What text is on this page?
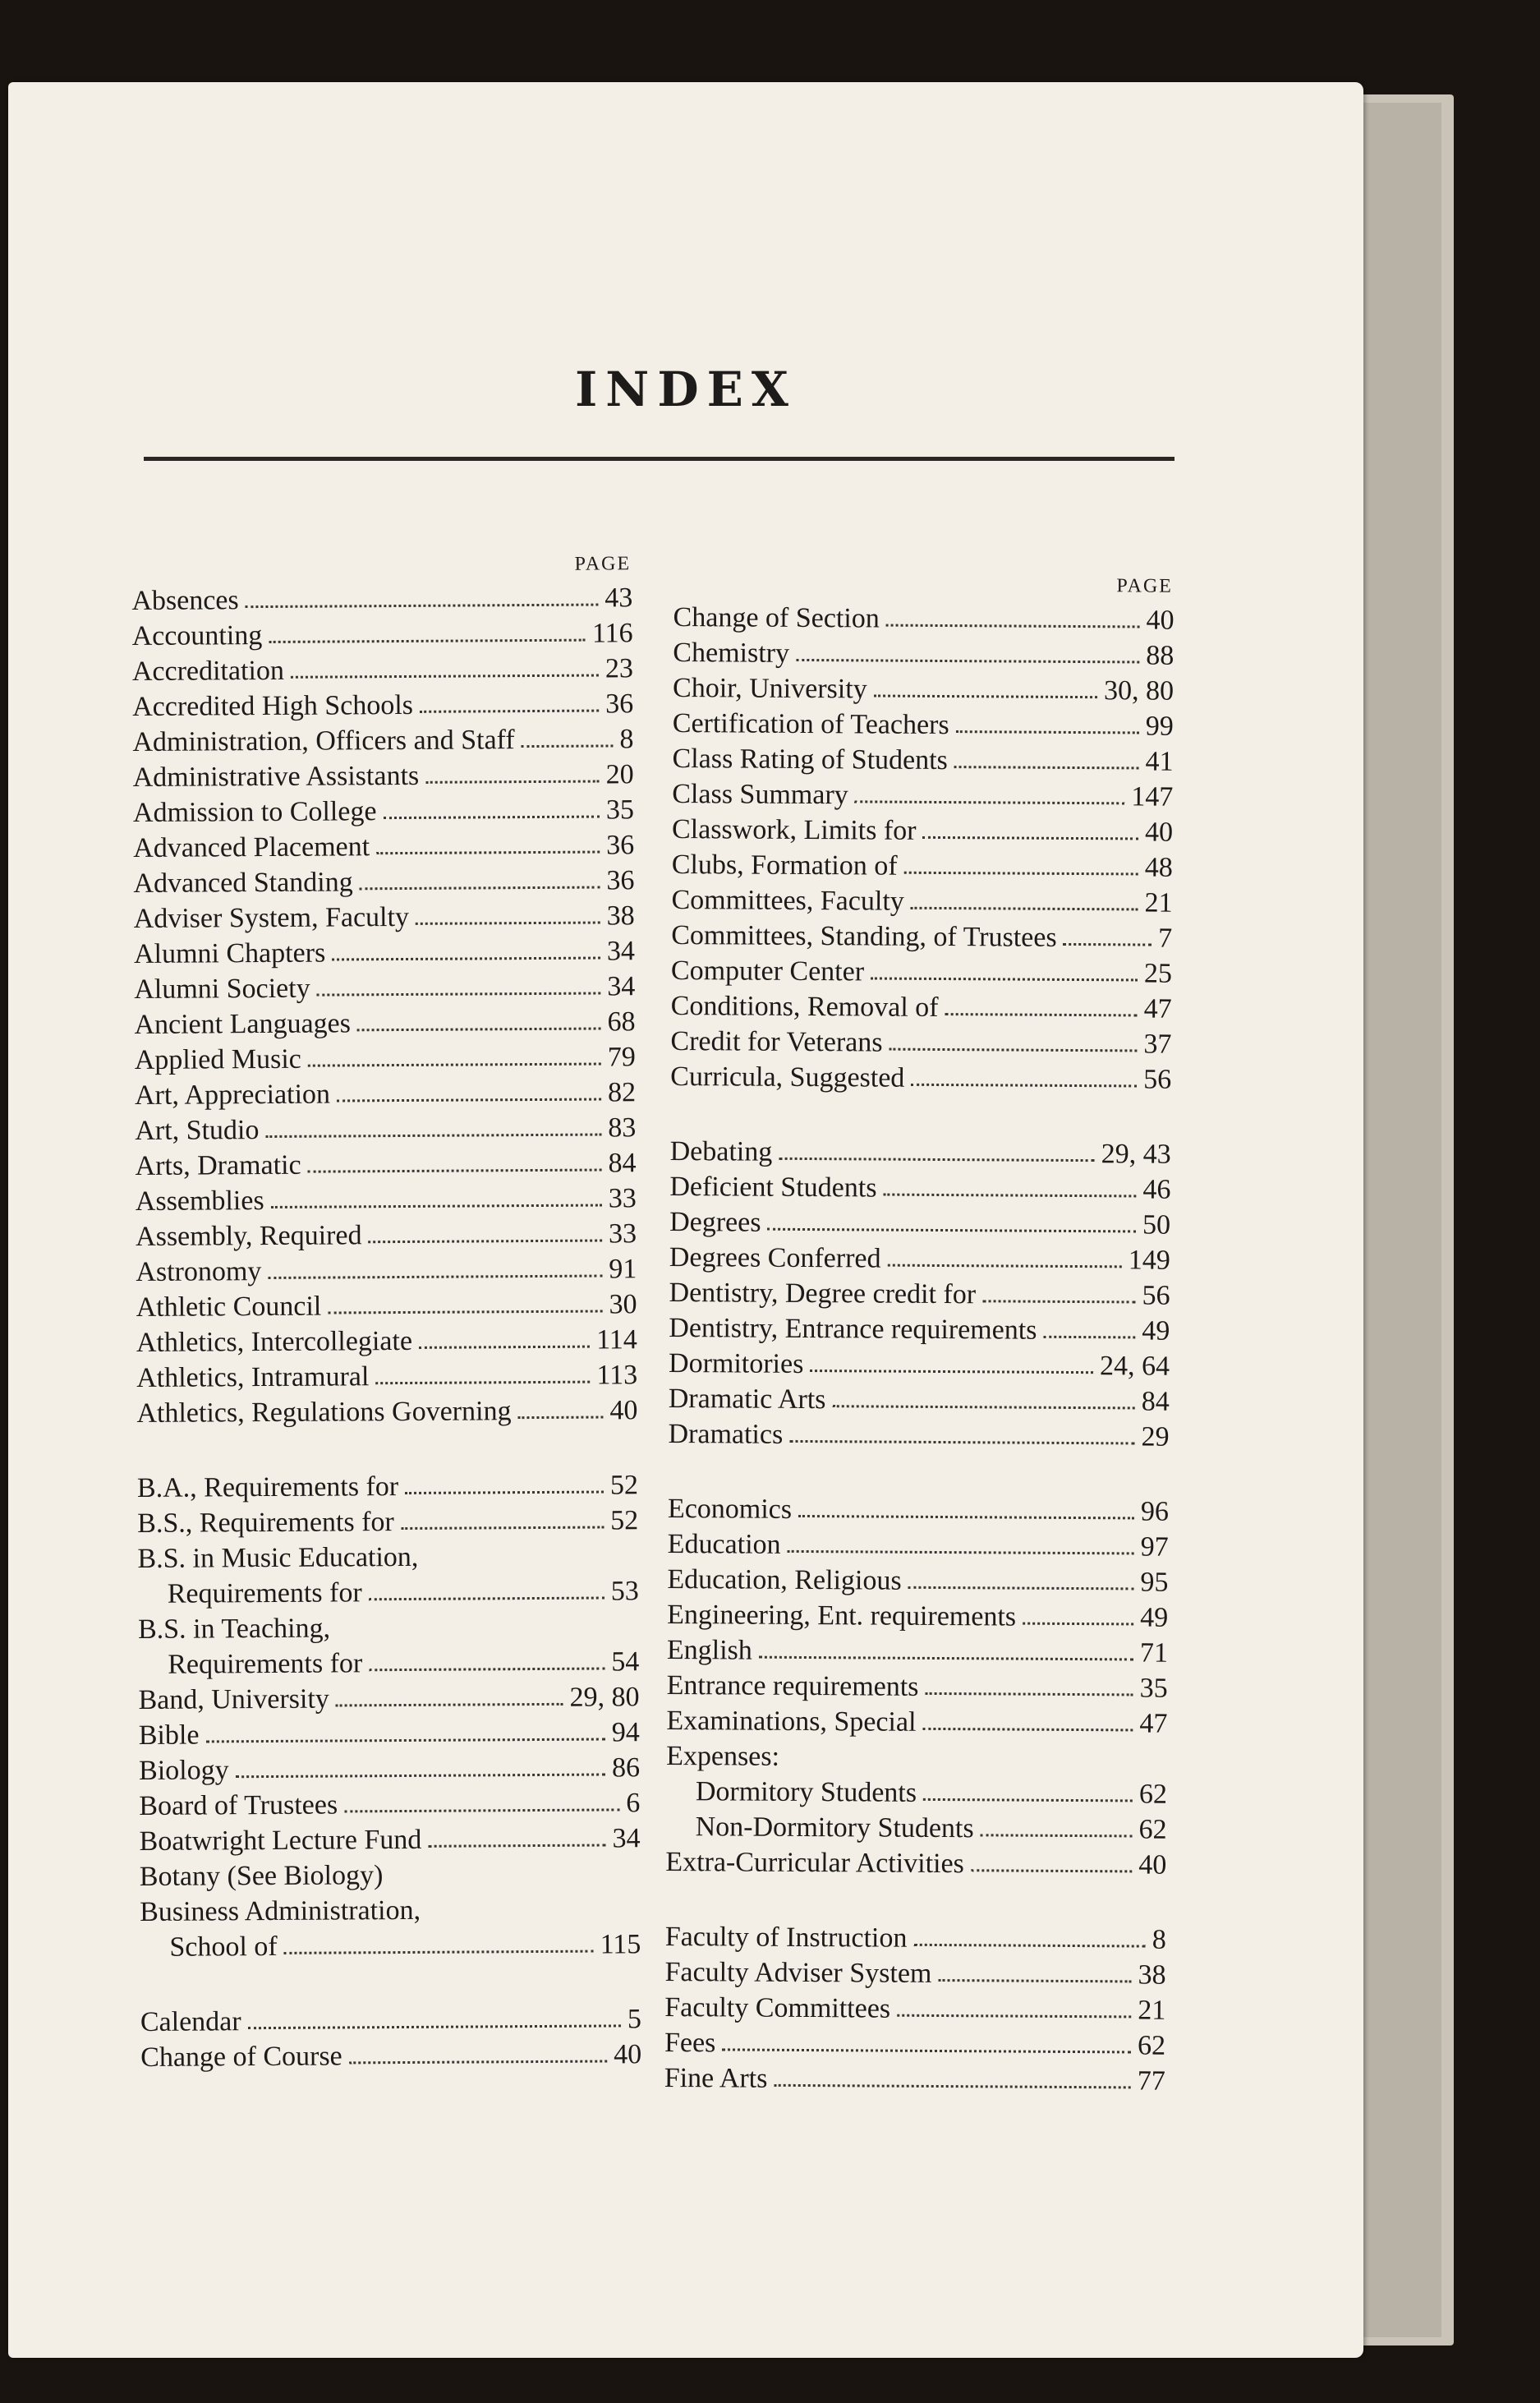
INDEX
PAGE
Absences	43
Accounting	116
Accreditation	23
Accredited High Schools	36
Administration, Officers and Staff	8
Administrative Assistants	20
Admission to College	35
Advanced Placement	36
Advanced Standing	36
Adviser System, Faculty	38
Alumni Chapters	34
Alumni Society	34
Ancient Languages	68
Applied Music	79
Art, Appreciation	82
Art, Studio	83
Arts, Dramatic	84
Assemblies	33
Assembly, Required	33
Astronomy	91
Athletic Council	30
Athletics, Intercollegiate	114
Athletics, Intramural	113
Athletics, Regulations Governing	40
B.A., Requirements for	52
B.S., Requirements for	52
B.S. in Music Education,
Requirements for	53
B.S. in Teaching,
Requirements for	54
Band, University	29, 80
Bible	94
Biology	86
Board of Trustees	6
Boatwright Lecture Fund	34
Botany (See Biology)
Business Administration,
School of	115
Calendar	5
Change of Course	40
PAGE
Change of Section	40
Chemistry	88
Choir, University	30, 80
Certification of Teachers	99
Class Rating of Students	41
Class Summary	147
Classwork, Limits for	40
Clubs, Formation of	48
Committees, Faculty	21
Committees, Standing, of Trustees	7
Computer Center	25
Conditions, Removal of	47
Credit for Veterans	37
Curricula, Suggested	56
Debating	29, 43
Deficient Students	46
Degrees	50
Degrees Conferred	149
Dentistry, Degree credit for	56
Dentistry, Entrance requirements	49
Dormitories	24, 64
Dramatic Arts	84
Dramatics	29
Economics	96
Education	97
Education, Religious	95
Engineering, Ent. requirements	49
English	71
Entrance requirements	35
Examinations, Special	47
Expenses:
Dormitory Students	62
Non-Dormitory Students	62
Extra-Curricular Activities	40
Faculty of Instruction	8
Faculty Adviser System	38
Faculty Committees	21
Fees	62
Fine Arts	77
